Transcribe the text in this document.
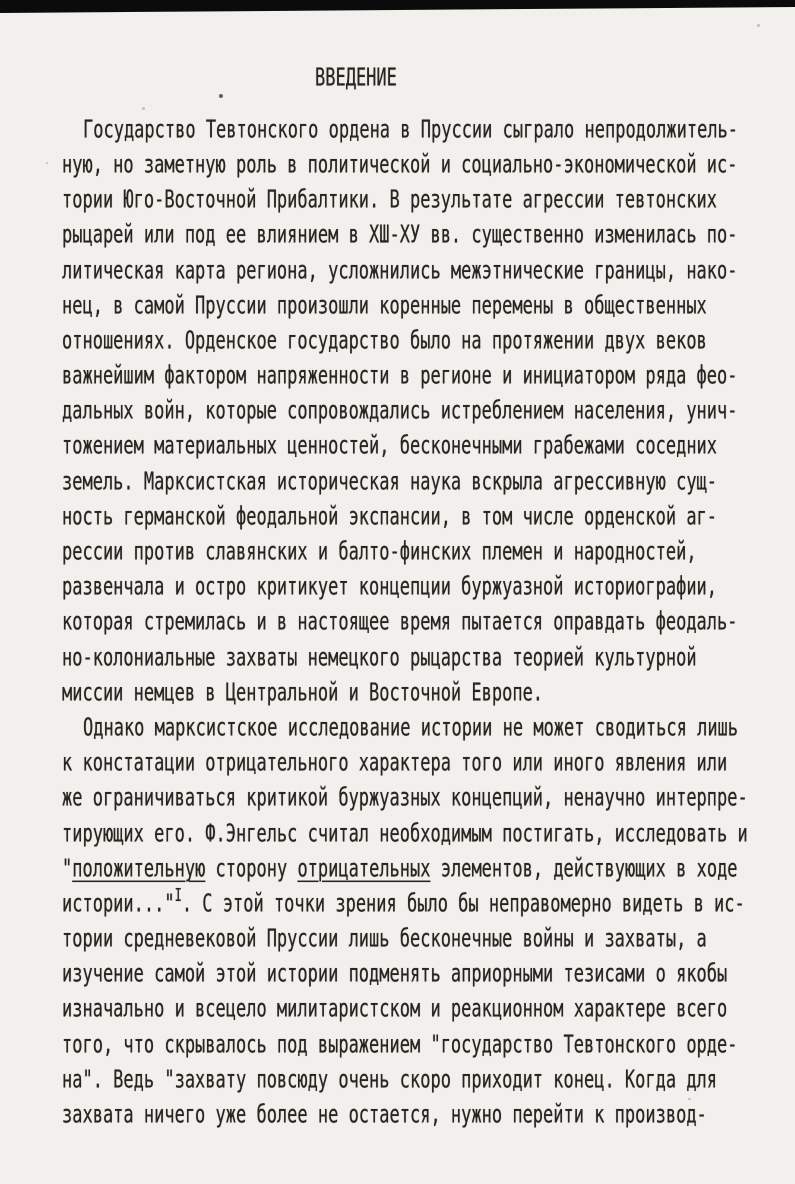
ВВЕДЕНИЕ
Государство Тевтонского ордена в Пруссии сыграло непродолжитель-
ную, но заметную роль в политической и социально-экономической ис-
тории Юго-Восточной Прибалтики. В результате агрессии тевтонских
рыцарей или под ее влиянием в ХШ-ХУ вв. существенно изменилась по-
литическая карта региона, усложнились межэтнические границы, нако-
нец, в самой Пруссии произошли коренные перемены в общественных
отношениях. Орденское государство было на протяжении двух веков
важнейшим фактором напряженности в регионе и инициатором ряда фео-
дальных войн, которые сопровождались истреблением населения, унич-
тожением материальных ценностей, бесконечными грабежами соседних
земель. Марксистская историческая наука вскрыла агрессивную сущ-
ность германской феодальной экспансии, в том числе орденской аг-
рессии против славянских и балто-финских племен и народностей,
развенчала и остро критикует концепции буржуазной историографии,
которая стремилась и в настоящее время пытается оправдать феодаль-
но-колониальные захваты немецкого рыцарства теорией культурной
миссии немцев в Центральной и Восточной Европе.
Однако марксистское исследование истории не может сводиться лишь
к констатации отрицательного характера того или иного явления или
же ограничиваться критикой буржуазных концепций, ненаучно интерпре-
тирующих его. Ф.Энгельс считал необходимым постигать, исследовать и
"положительную сторону отрицательных элементов, действующих в ходе
истории..."$^I$. С этой точки зрения было бы неправомерно видеть в ис-
тории средневековой Пруссии лишь бесконечные войны и захваты, а
изучение самой этой истории подменять априорными тезисами о якобы
изначально и всецело милитаристском и реакционном характере всего
того, что скрывалось под выражением "государство Тевтонского орде-
на". Ведь "захвату повсюду очень скоро приходит конец. Когда для
захвата ничего уже более не остается, нужно перейти к производ-
